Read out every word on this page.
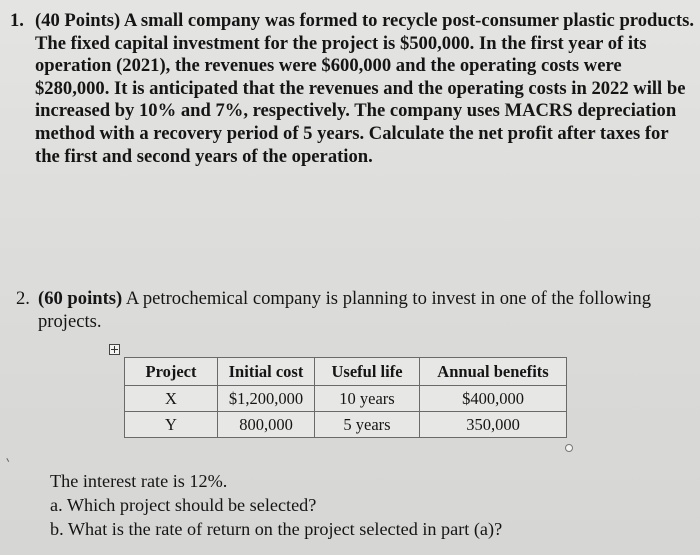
1. (40 Points) A small company was formed to recycle post-consumer plastic products. The fixed capital investment for the project is $500,000. In the first year of its operation (2021), the revenues were $600,000 and the operating costs were $280,000. It is anticipated that the revenues and the operating costs in 2022 will be increased by 10% and 7%, respectively. The company uses MACRS depreciation method with a recovery period of 5 years. Calculate the net profit after taxes for the first and second years of the operation.
2. (60 points) A petrochemical company is planning to invest in one of the following projects.
Project	Initial cost	Useful life	Annual benefits
X	$1,200,000	10 years	$400,000
Y	800,000	5 years	350,000
The interest rate is 12%.
a. Which project should be selected?
b. What is the rate of return on the project selected in part (a)?
